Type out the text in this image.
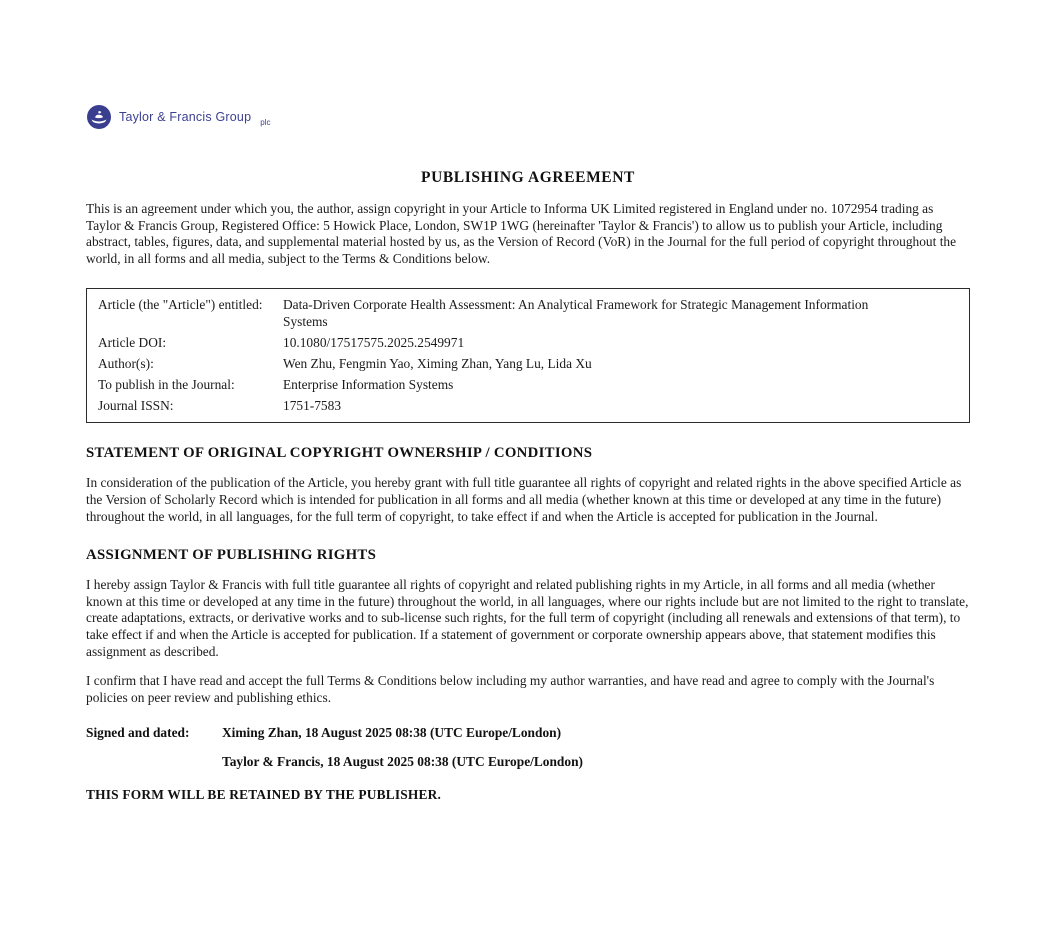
Taylor & Francis Group plc
PUBLISHING AGREEMENT

This is an agreement under which you, the author, assign copyright in your Article to Informa UK Limited registered in England under no. 1072954 trading as Taylor & Francis Group, Registered Office: 5 Howick Place, London, SW1P 1WG (hereinafter 'Taylor & Francis') to allow us to publish your Article, including abstract, tables, figures, data, and supplemental material hosted by us, as the Version of Record (VoR) in the Journal for the full period of copyright throughout the world, in all forms and all media, subject to the Terms & Conditions below.

Article (the "Article") entitled:	Data-Driven Corporate Health Assessment: An Analytical Framework for Strategic Management Information Systems
Article DOI:	10.1080/17517575.2025.2549971
Author(s):	Wen Zhu, Fengmin Yao, Ximing Zhan, Yang Lu, Lida Xu
To publish in the Journal:	Enterprise Information Systems
Journal ISSN:	1751-7583
STATEMENT OF ORIGINAL COPYRIGHT OWNERSHIP / CONDITIONS

In consideration of the publication of the Article, you hereby grant with full title guarantee all rights of copyright and related rights in the above specified Article as the Version of Scholarly Record which is intended for publication in all forms and all media (whether known at this time or developed at any time in the future) throughout the world, in all languages, for the full term of copyright, to take effect if and when the Article is accepted for publication in the Journal.

ASSIGNMENT OF PUBLISHING RIGHTS

I hereby assign Taylor & Francis with full title guarantee all rights of copyright and related publishing rights in my Article, in all forms and all media (whether known at this time or developed at any time in the future) throughout the world, in all languages, where our rights include but are not limited to the right to translate, create adaptations, extracts, or derivative works and to sub-license such rights, for the full term of copyright (including all renewals and extensions of that term), to take effect if and when the Article is accepted for publication. If a statement of government or corporate ownership appears above, that statement modifies this assignment as described.

I confirm that I have read and accept the full Terms & Conditions below including my author warranties, and have read and agree to comply with the Journal's policies on peer review and publishing ethics.

Signed and dated:	Ximing Zhan, 18 August 2025 08:38 (UTC Europe/London)
Taylor & Francis, 18 August 2025 08:38 (UTC Europe/London)

THIS FORM WILL BE RETAINED BY THE PUBLISHER.
